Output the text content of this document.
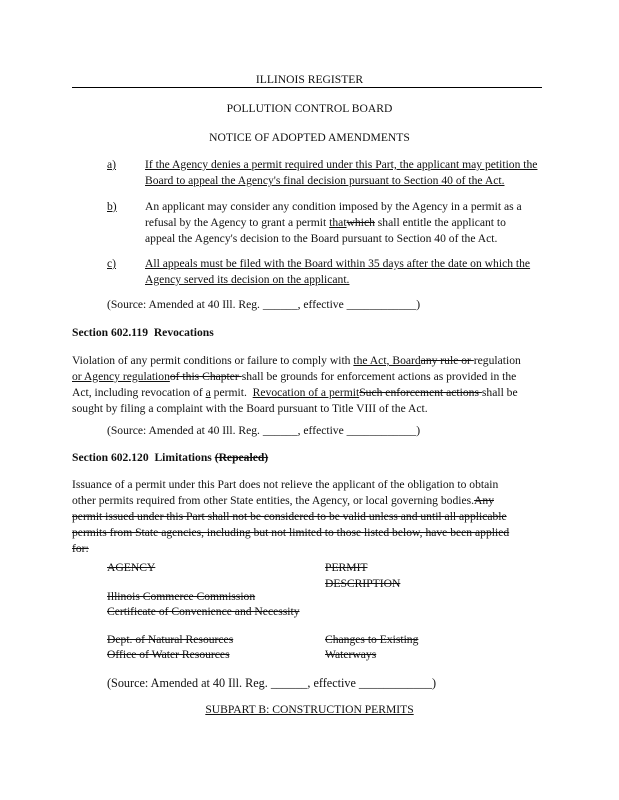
ILLINOIS REGISTER
POLLUTION CONTROL BOARD
NOTICE OF ADOPTED AMENDMENTS
a) If the Agency denies a permit required under this Part, the applicant may petition the Board to appeal the Agency's final decision pursuant to Section 40 of the Act.
b) An applicant may consider any condition imposed by the Agency in a permit as a
refusal by the Agency to grant a permit thatwhich shall entitle the applicant to
appeal the Agency's decision to the Board pursuant to Section 40 of the Act.
c) All appeals must be filed with the Board within 35 days after the date on which the Agency served its decision on the applicant.
(Source: Amended at 40 Ill. Reg. ______, effective ____________)
Section 602.119 Revocations
Violation of any permit conditions or failure to comply with the Act, Boardany rule or regulation
or Agency regulationof this Chapter shall be grounds for enforcement actions as provided in the
Act, including revocation of a permit.  Revocation of a permitSuch enforcement actions shall be
sought by filing a complaint with the Board pursuant to Title VIII of the Act.
(Source: Amended at 40 Ill. Reg. ______, effective ____________)
Section 602.120 Limitations (Repealed)
Issuance of a permit under this Part does not relieve the applicant of the obligation to obtain
other permits required from other State entities, the Agency, or local governing bodies.Any
permit issued under this Part shall not be considered to be valid unless and until all applicable
permits from State agencies, including but not limited to those listed below, have been applied
for:
AGENCY	PERMIT
DESCRIPTION
Illinois Commerce Commission
Certificate of Convenience and Necessity
Dept. of Natural Resources
Office of Water Resources
Changes to Existing
Waterways
(Source: Amended at 40 Ill. Reg. ______, effective ____________)
SUBPART B: CONSTRUCTION PERMITS
